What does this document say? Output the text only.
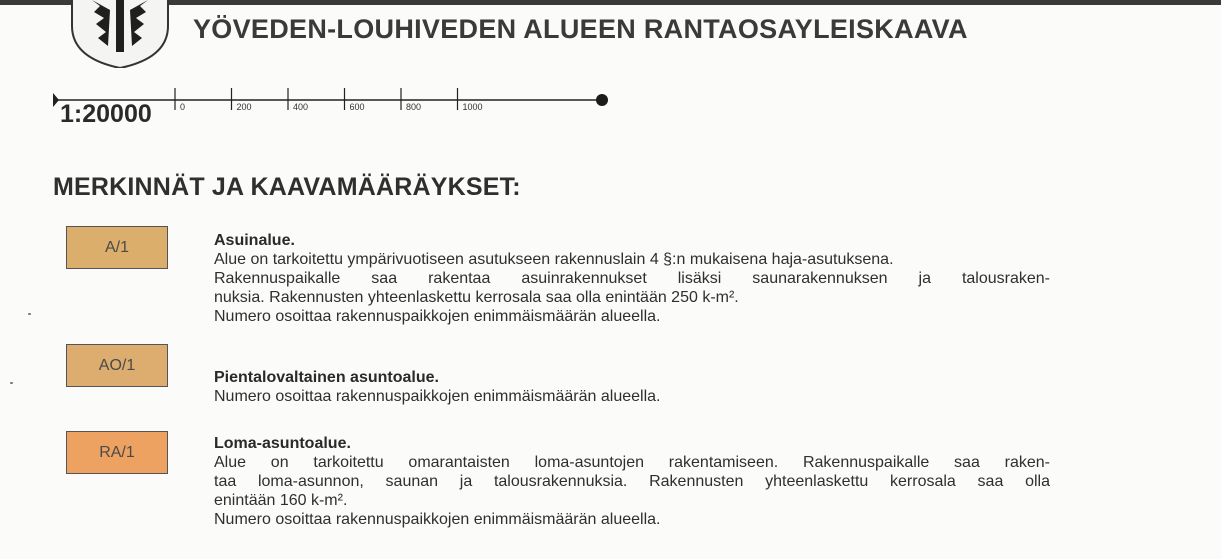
YÖVEDEN-LOUHIVEDEN ALUEEN RANTAOSAYLEISKAAVA
0	200	400	600	800	1000
1:20000
MERKINNÄT JA KAAVAMÄÄRÄYKSET:
A/1	Asuinalue.
Alue on tarkoitettu ympärivuotiseen asutukseen rakennuslain 4 §:n mukaisena haja-asutuksena.
Rakennuspaikalle saa rakentaa asuinrakennukset lisäksi saunarakennuksen ja talousraken-
nuksia. Rakennusten yhteenlaskettu kerrosala saa olla enintään 250 k-m².
Numero osoittaa rakennuspaikkojen enimmäismäärän alueella.
AO/1
Pientalovaltainen asuntoalue.
Numero osoittaa rakennuspaikkojen enimmäismäärän alueella.
RA/1	Loma-asuntoalue.
Alue on tarkoitettu omarantaisten loma-asuntojen rakentamiseen. Rakennuspaikalle saa raken-
taa loma-asunnon, saunan ja talousrakennuksia. Rakennusten yhteenlaskettu kerrosala saa olla
enintään 160 k-m².
Numero osoittaa rakennuspaikkojen enimmäismäärän alueella.
